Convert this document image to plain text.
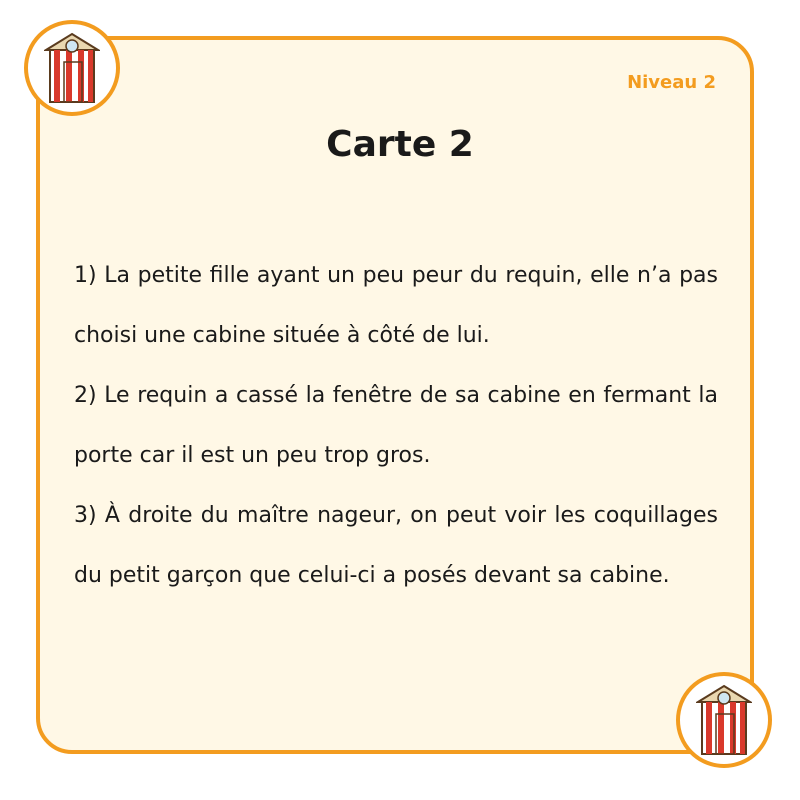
Niveau 2
Carte 2

1) La petite fille ayant un peu peur du requin, elle n’a pas choisi une cabine située à côté de lui.

2) Le requin a cassé la fenêtre de sa cabine en fermant la porte car il est un peu trop gros.

3) À droite du maître nageur, on peut voir les coquillages du petit garçon que celui-ci a posés devant sa cabine.
